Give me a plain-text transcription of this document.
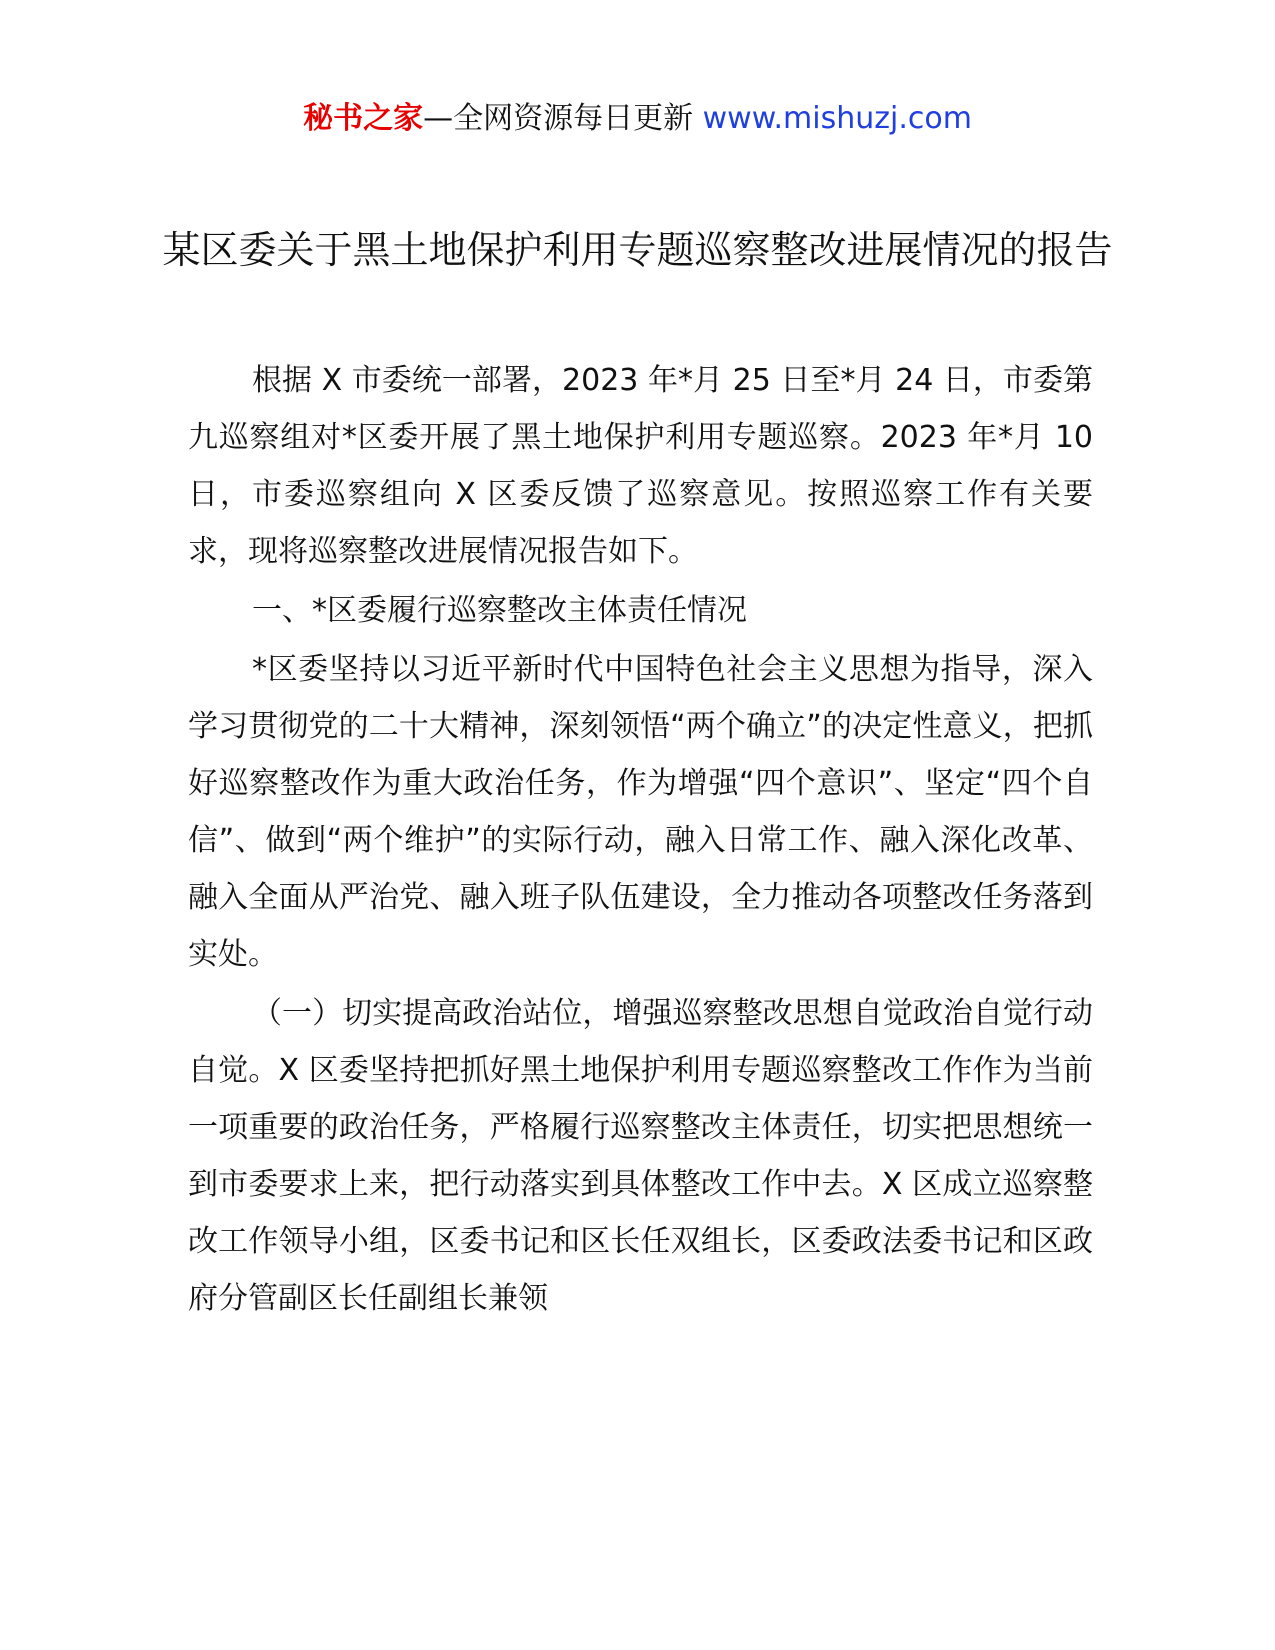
秘书之家—全网资源每日更新 www.mishuzj.com
某区委关于黑土地保护利用专题巡察整改进展情况的报告

根据 X 市委统一部署，2023 年*月 25 日至*月 24 日，市委第九巡察组对*区委开展了黑土地保护利用专题巡察。2023 年*月 10 日，市委巡察组向 X 区委反馈了巡察意见。按照巡察工作有关要求，现将巡察整改进展情况报告如下。

一、*区委履行巡察整改主体责任情况

*区委坚持以习近平新时代中国特色社会主义思想为指导，深入学习贯彻党的二十大精神，深刻领悟“两个确立”的决定性意义，把抓好巡察整改作为重大政治任务，作为增强“四个意识”、坚定“四个自信”、做到“两个维护”的实际行动，融入日常工作、融入深化改革、融入全面从严治党、融入班子队伍建设，全力推动各项整改任务落到实处。

（一）切实提高政治站位，增强巡察整改思想自觉政治自觉行动自觉。X 区委坚持把抓好黑土地保护利用专题巡察整改工作作为当前一项重要的政治任务，严格履行巡察整改主体责任，切实把思想统一到市委要求上来，把行动落实到具体整改工作中去。X 区成立巡察整改工作领导小组，区委书记和区长任双组长，区委政法委书记和区政府分管副区长任副组长兼领
